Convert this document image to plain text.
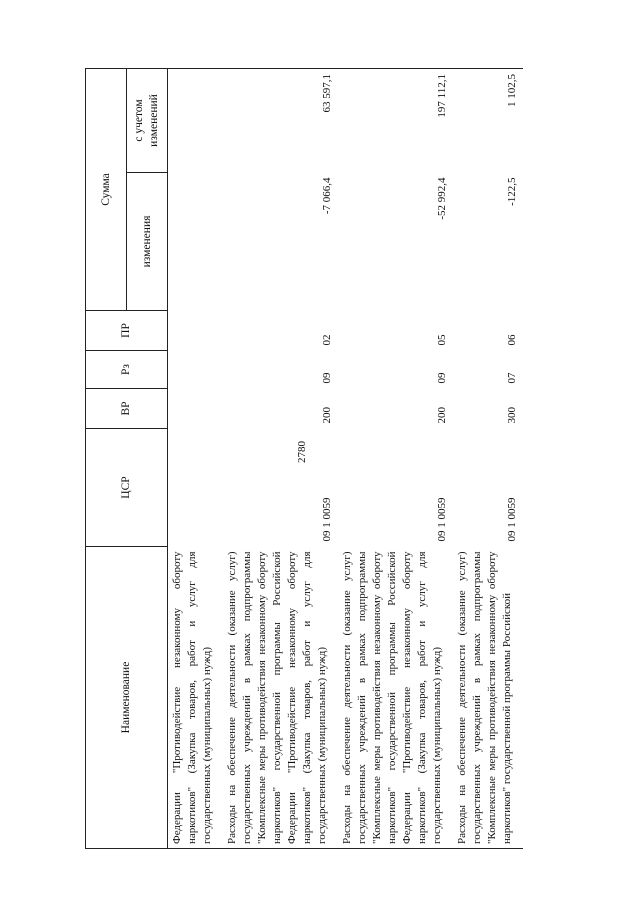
2780
Наименование	ЦСР	ВР	Рз	ПР	Сумма	
					изменения	с учетом изменений
Федерации "Противодействие незаконному обороту наркотиков" (Закупка товаров, работ и услуг для государственных (муниципальных) нужд)						
Расходы на обеспечение деятельности (оказание услуг) государственных учреждений в рамках подпрограммы "Комплексные меры противодействия незаконному обороту наркотиков" государственной программы Российской Федерации "Противодействие незаконному обороту наркотиков" (Закупка товаров, работ и услуг для государственных (муниципальных) нужд)	09 1 0059	200	09	02	-7 066,4	63 597,1
Расходы на обеспечение деятельности (оказание услуг) государственных учреждений в рамках подпрограммы "Комплексные меры противодействия незаконному обороту наркотиков" государственной программы Российской Федерации "Противодействие незаконному обороту наркотиков" (Закупка товаров, работ и услуг для государственных (муниципальных) нужд)	09 1 0059	200	09	05	-52 992,4	197 112,1
Расходы на обеспечение деятельности (оказание услуг) государственных учреждений в рамках подпрограммы "Комплексные меры противодействия незаконному обороту наркотиков" государственной программы Российской	09 1 0059	300	07	06	-122,5	1 102,5
